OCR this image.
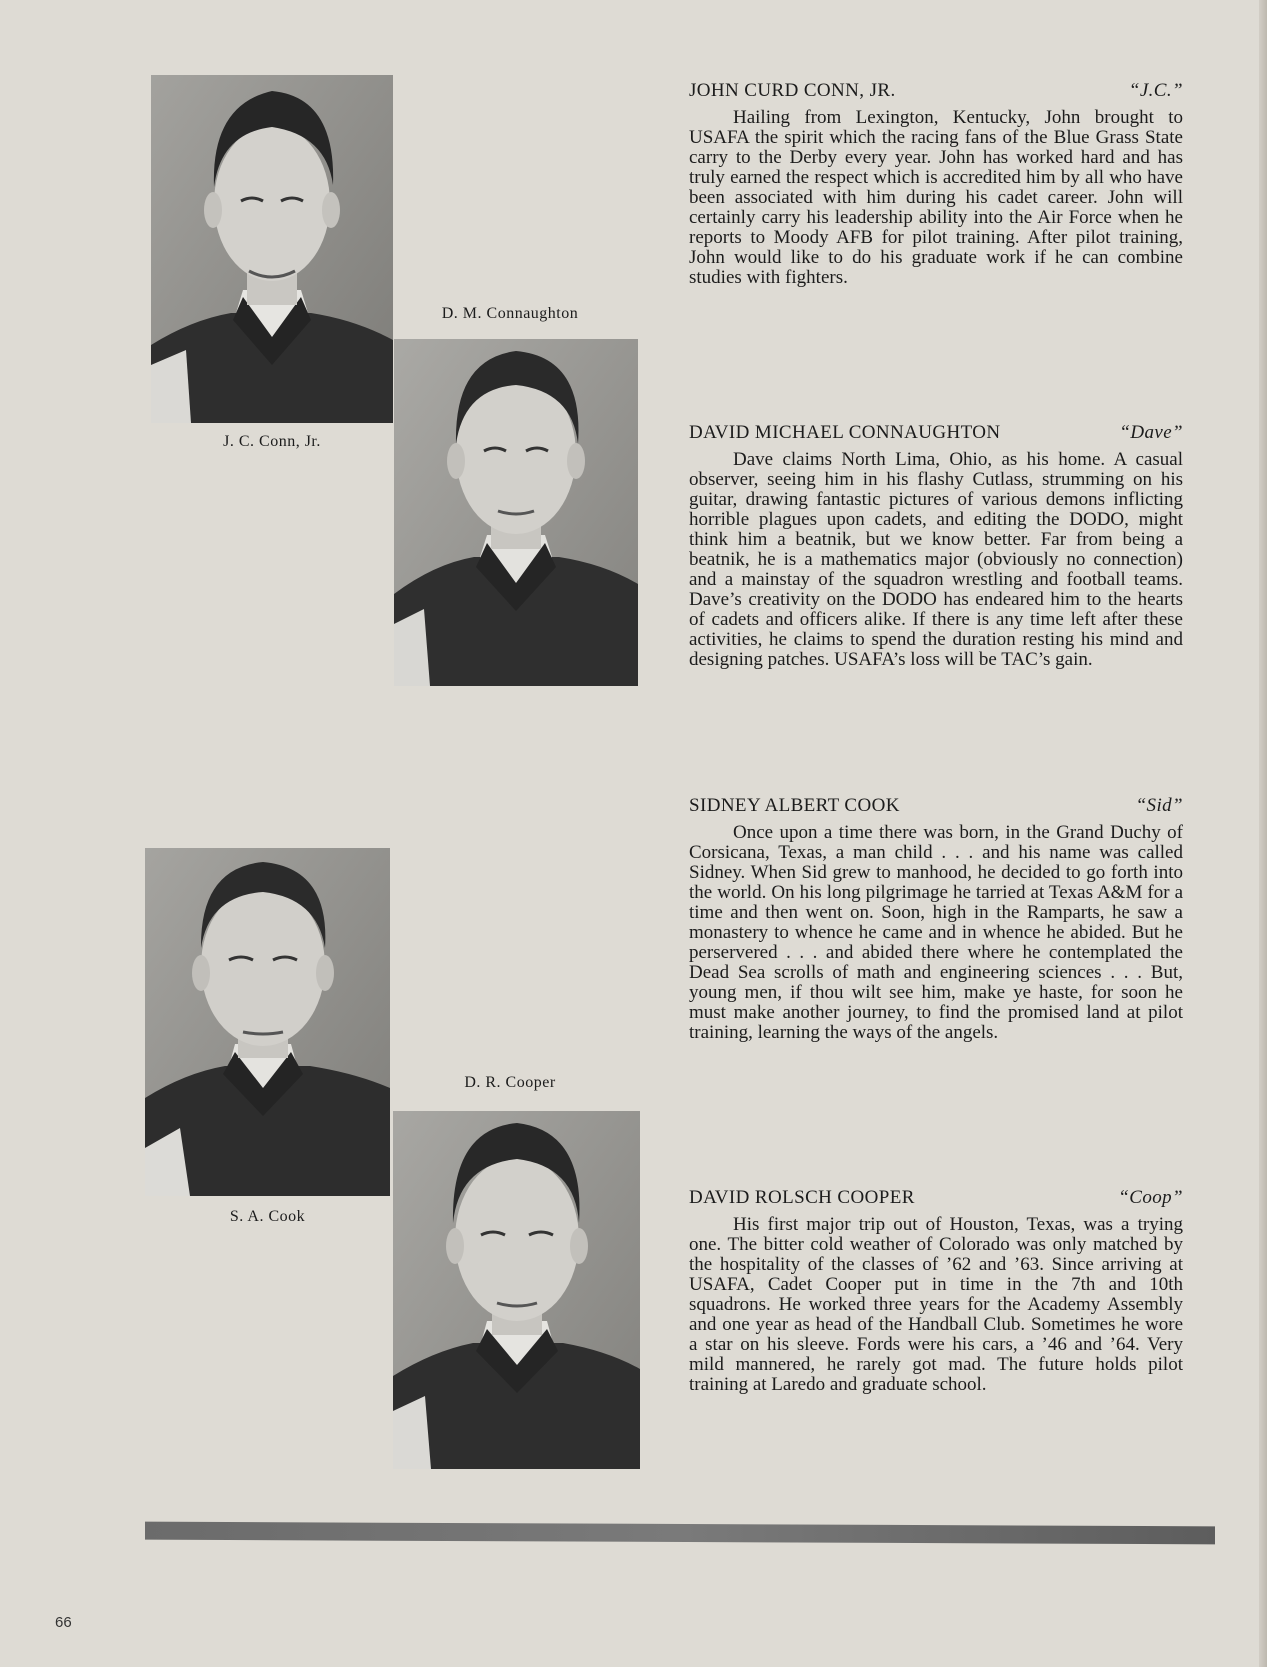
J. C. Conn, Jr.
D. M. Connaughton
S. A. Cook
D. R. Cooper
JOHN CURD CONN, JR.	“J.C.”

Hailing from Lexington, Kentucky, John brought to USAFA the spirit which the racing fans of the Blue Grass State carry to the Derby every year. John has worked hard and has truly earned the respect which is accredited him by all who have been associated with him during his cadet career. John will certainly carry his leadership ability into the Air Force when he reports to Moody AFB for pilot training. After pilot training, John would like to do his graduate work if he can combine studies with fighters.

DAVID MICHAEL CONNAUGHTON	“Dave”

Dave claims North Lima, Ohio, as his home. A casual observer, seeing him in his flashy Cutlass, strumming on his guitar, drawing fantastic pictures of various demons inflicting horrible plagues upon cadets, and editing the DODO, might think him a beatnik, but we know better. Far from being a beatnik, he is a mathematics major (obviously no connection) and a mainstay of the squadron wrestling and football teams. Dave’s creativity on the DODO has endeared him to the hearts of cadets and officers alike. If there is any time left after these activities, he claims to spend the duration resting his mind and designing patches. USAFA’s loss will be TAC’s gain.

SIDNEY ALBERT COOK	“Sid”

Once upon a time there was born, in the Grand Duchy of Corsicana, Texas, a man child . . . and his name was called Sidney. When Sid grew to manhood, he decided to go forth into the world. On his long pilgrimage he tarried at Texas A&M for a time and then went on. Soon, high in the Ramparts, he saw a monastery to whence he came and in whence he abided. But he perservered . . . and abided there where he contemplated the Dead Sea scrolls of math and engineering sciences . . . But, young men, if thou wilt see him, make ye haste, for soon he must make another journey, to find the promised land at pilot training, learning the ways of the angels.

DAVID ROLSCH COOPER	“Coop”

His first major trip out of Houston, Texas, was a trying one. The bitter cold weather of Colorado was only matched by the hospitality of the classes of ’62 and ’63. Since arriving at USAFA, Cadet Cooper put in time in the 7th and 10th squadrons. He worked three years for the Academy Assembly and one year as head of the Handball Club. Sometimes he wore a star on his sleeve. Fords were his cars, a ’46 and ’64. Very mild mannered, he rarely got mad. The future holds pilot training at Laredo and graduate school.

66
